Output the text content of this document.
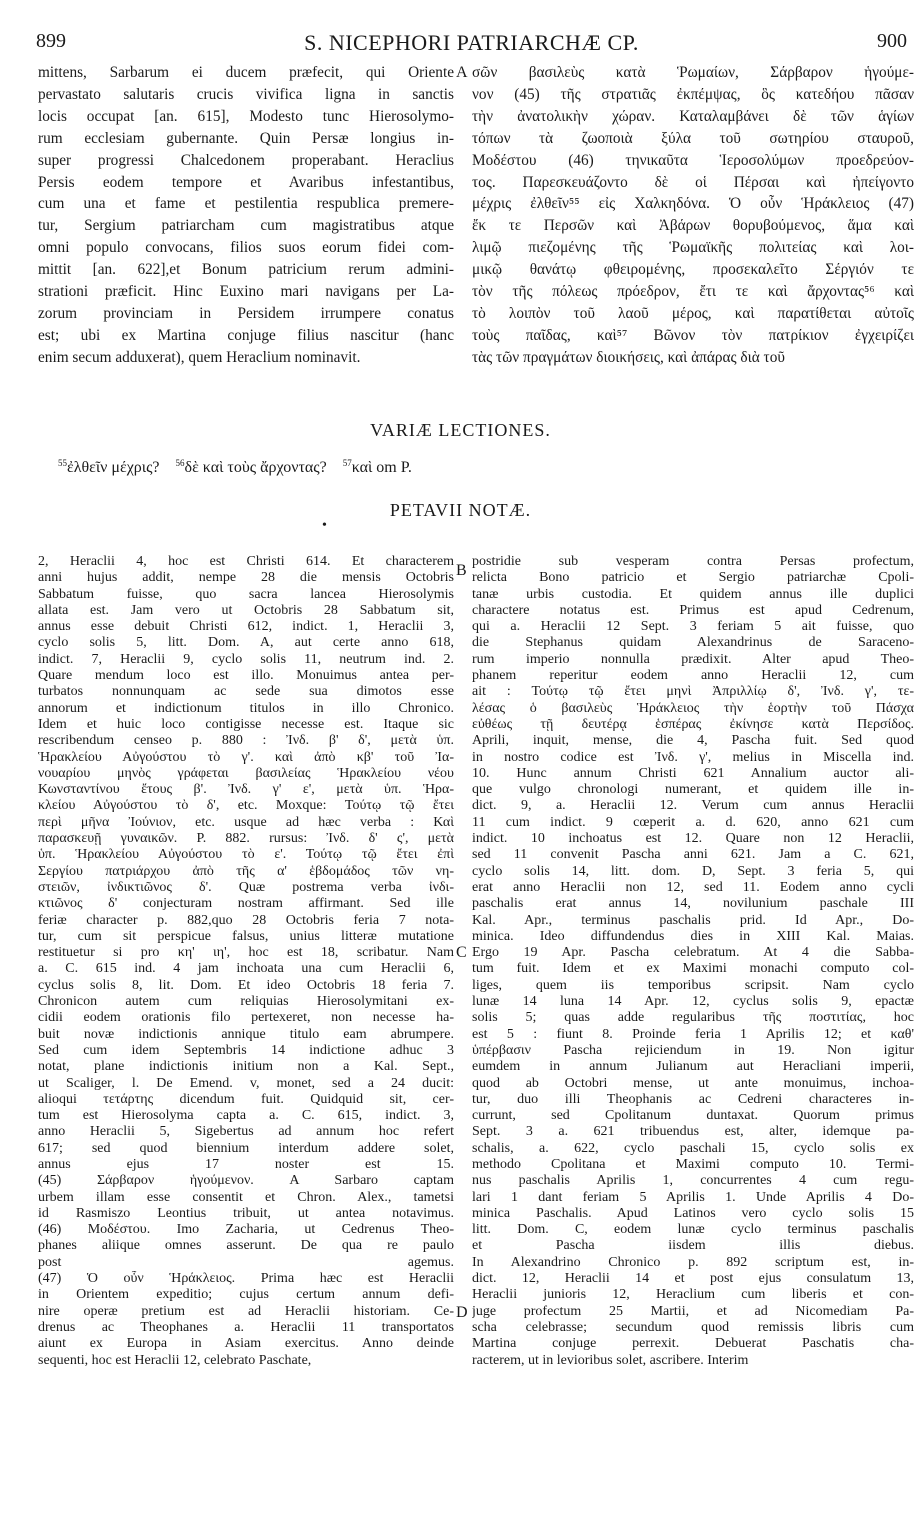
899	S. NICEPHORI PATRIARCHÆ CP.	900
mittens, Sarbarum ei ducem præfecit, qui Oriente
pervastato salutaris crucis vivifica ligna in sanctis
locis occupat [an. 615], Modesto tunc Hierosolymo-
rum ecclesiam gubernante. Quin Persæ longius in-
super progressi Chalcedonem properabant. Heraclius
Persis eodem tempore et Avaribus infestantibus,
cum una et fame et pestilentia respublica premere-
tur, Sergium patriarcham cum magistratibus atque
omni populo convocans, filios suos eorum fidei com-
mittit [an. 622],et Bonum patricium rerum admini-
strationi præficit. Hinc Euxino mari navigans per La-
zorum provinciam in Persidem irrumpere conatus
est; ubi ex Martina conjuge filius nascitur (hanc
enim secum adduxerat), quem Heraclium nominavit.
σῶν βασιλεὺς κατὰ Ῥωμαίων, Σάρβαρον ἡγούμε-
νον (45) τῆς στρατιᾶς ἐκπέμψας, ὃς κατεδήου πᾶσαν
τὴν ἀνατολικὴν χώραν. Καταλαμβάνει δὲ τῶν ἁγίων
τόπων τὰ ζωοποιὰ ξύλα τοῦ σωτηρίου σταυροῦ,
Μοδέστου (46) τηνικαῦτα Ἱεροσολύμων προεδρεύον-
τος. Παρεσκευάζοντο δὲ οἱ Πέρσαι καὶ ἠπείγοντο
μέχρις ἐλθεῖν⁵⁵ εἰς Χαλκηδόνα. Ὁ οὖν Ἡράκλειος (47)
ἔκ τε Περσῶν καὶ Ἀβάρων θορυβούμενος, ἅμα καὶ
λιμῷ πιεζομένης τῆς Ῥωμαϊκῆς πολιτείας καὶ λοι-
μικῷ θανάτῳ φθειρομένης, προσεκαλεῖτο Σέργιόν τε
τὸν τῆς πόλεως πρόεδρον, ἔτι τε καὶ ἄρχοντας⁵⁶ καὶ
τὸ λοιπὸν τοῦ λαοῦ μέρος, καὶ παρατίθεται αὐτοῖς
τοὺς παῖδας, καὶ⁵⁷ Βῶνον τὸν πατρίκιον ἐγχειρίζει
τὰς τῶν πραγμάτων διοικήσεις, καὶ ἀπάρας διὰ τοῦ
A
B
C
D
VARIÆ LECTIONES.
$^{55}$ἐλθεῖν μέχρις? $^{56}$δὲ καὶ τοὺς ἄρχοντας? $^{57}$καὶ om P.
PETAVII NOTÆ.
•
2, Heraclii 4, hoc est Christi 614. Et characterem
anni hujus addit, nempe 28 die mensis Octobris
Sabbatum fuisse, quo sacra lancea Hierosolymis
allata est. Jam vero ut Octobris 28 Sabbatum sit,
annus esse debuit Christi 612, indict. 1, Heraclii 3,
cyclo solis 5, litt. Dom. A, aut certe anno 618,
indict. 7, Heraclii 9, cyclo solis 11, neutrum ind. 2.
Quare mendum loco est illo. Monuimus antea per-
turbatos nonnunquam ac sede sua dimotos esse
annorum et indictionum titulos in illo Chronico.
Idem et huic loco contigisse necesse est. Itaque sic
rescribendum censeo p. 880 : Ἰνδ. β' δ', μετὰ ὑπ.
Ἡρακλείου Αὐγούστου τὸ γ'. καὶ ἀπὸ κβ' τοῦ Ἰα-
νουαρίου μηνὸς γράφεται βασιλείας Ἡρακλείου νέου
Κωνσταντίνου ἔτους β'. Ἰνδ. γ' ε', μετὰ ὑπ. Ἡρα-
κλείου Αὐγούστου τὸ δ', etc. Moxque: Τούτῳ τῷ ἔτει
περὶ μῆνα Ἰούνιον, etc. usque ad hæc verba : Καὶ
παρασκευῇ γυναικῶν. P. 882. rursus: Ἰνδ. δ' ς', μετὰ
ὑπ. Ἡρακλείου Αὐγούστου τὸ ε'. Τούτῳ τῷ ἔτει ἐπὶ
Σεργίου πατριάρχου ἀπὸ τῆς α' ἑβδομάδος τῶν νη-
στειῶν, ἰνδικτιῶνος δ'. Quæ postrema verba ἰνδι-
κτιῶνος δ' conjecturam nostram affirmant. Sed ille
feriæ character p. 882,quo 28 Octobris feria 7 nota-
tur, cum sit perspicue falsus, unius litteræ mutatione
restituetur si pro κη' ιη', hoc est 18, scribatur. Nam
a. C. 615 ind. 4 jam inchoata una cum Heraclii 6,
cyclus solis 8, lit. Dom. Et ideo Octobris 18 feria 7.
Chronicon autem cum reliquias Hierosolymitani ex-
cidii eodem orationis filo pertexeret, non necesse ha-
buit novæ indictionis annique titulo eam abrumpere.
Sed cum idem Septembris 14 indictione adhuc 3
notat, plane indictionis initium non a Kal. Sept.,
ut Scaliger, l. De Emend. v, monet, sed a 24 ducit:
alioqui τετάρτης dicendum fuit. Quidquid sit, cer-
tum est Hierosolyma capta a. C. 615, indict. 3,
anno Heraclii 5, Sigebertus ad annum hoc refert
617; sed quod biennium interdum addere solet,
annus ejus 17 noster est 15.
(45) Σάρβαρον ἡγούμενον. A Sarbaro captam
urbem illam esse consentit et Chron. Alex., tametsi
id Rasmiszo Leontius tribuit, ut antea notavimus.
(46) Μοδέστου. Imo Zacharia, ut Cedrenus Theo-
phanes aliique omnes asserunt. De qua re paulo
post agemus.
(47) Ὁ οὖν Ἡράκλειος. Prima hæc est Heraclii
in Orientem expeditio; cujus certum annum defi-
nire operæ pretium est ad Heraclii historiam. Ce-
drenus ac Theophanes a. Heraclii 11 transportatos
aiunt ex Europa in Asiam exercitus. Anno deinde
sequenti, hoc est Heraclii 12, celebrato Paschate,
postridie sub vesperam contra Persas profectum,
relicta Bono patricio et Sergio patriarchæ Cpoli-
tanæ urbis custodia. Et quidem annus ille duplici
charactere notatus est. Primus est apud Cedrenum,
qui a. Heraclii 12 Sept. 3 feriam 5 ait fuisse, quo
die Stephanus quidam Alexandrinus de Saraceno-
rum imperio nonnulla prædixit. Alter apud Theo-
phanem reperitur eodem anno Heraclii 12, cum
ait : Τούτῳ τῷ ἔτει μηνὶ Ἀπριλλίῳ δ', Ἰνδ. γ', τε-
λέσας ὁ βασιλεὺς Ἡράκλειος τὴν ἑορτὴν τοῦ Πάσχα
εὐθέως τῇ δευτέρᾳ ἑσπέρας ἐκίνησε κατὰ Περσίδος.
Aprili, inquit, mense, die 4, Pascha fuit. Sed quod
in nostro codice est Ἰνδ. γ', melius in Miscella ind.
10. Hunc annum Christi 621 Annalium auctor ali-
que vulgo chronologi numerant, et quidem ille in-
dict. 9, a. Heraclii 12. Verum cum annus Heraclii
11 cum indict. 9 cœperit a. d. 620, anno 621 cum
indict. 10 inchoatus est 12. Quare non 12 Heraclii,
sed 11 convenit Pascha anni 621. Jam a C. 621,
cyclo solis 14, litt. dom. D, Sept. 3 feria 5, qui
erat anno Heraclii non 12, sed 11. Eodem anno cycli
paschalis erat annus 14, novilunium paschale III
Kal. Apr., terminus paschalis prid. Id Apr., Do-
minica. Ideo diffundendus dies in XIII Kal. Maias.
Ergo 19 Apr. Pascha celebratum. At 4 die Sabba-
tum fuit. Idem et ex Maximi monachi computo col-
liges, quem iis temporibus scripsit. Nam cyclo
lunæ 14 luna 14 Apr. 12, cyclus solis 9, epactæ
solis 5; quas adde regularibus τῆς ποστιτίας, hoc
est 5 : fiunt 8. Proinde feria 1 Aprilis 12; et καθ'
ὑπέρβασιν Pascha rejiciendum in 19. Non igitur
eumdem in annum Julianum aut Heracliani imperii,
quod ab Octobri mense, ut ante monuimus, inchoa-
tur, duo illi Theophanis ac Cedreni characteres in-
currunt, sed Cpolitanum duntaxat. Quorum primus
Sept. 3 a. 621 tribuendus est, alter, idemque pa-
schalis, a. 622, cyclo paschali 15, cyclo solis ex
methodo Cpolitana et Maximi computo 10. Termi-
nus paschalis Aprilis 1, concurrentes 4 cum regu-
lari 1 dant feriam 5 Aprilis 1. Unde Aprilis 4 Do-
minica Paschalis. Apud Latinos vero cyclo solis 15
litt. Dom. C, eodem lunæ cyclo terminus paschalis
et Pascha iisdem illis diebus.
In Alexandrino Chronico p. 892 scriptum est, in-
dict. 12, Heraclii 14 et post ejus consulatum 13,
Heraclii junioris 12, Heraclium cum liberis et con-
juge profectum 25 Martii, et ad Nicomediam Pa-
scha celebrasse; secundum quod remissis libris cum
Martina conjuge perrexit. Debuerat Paschatis cha-
racterem, ut in levioribus solet, ascribere. Interim
